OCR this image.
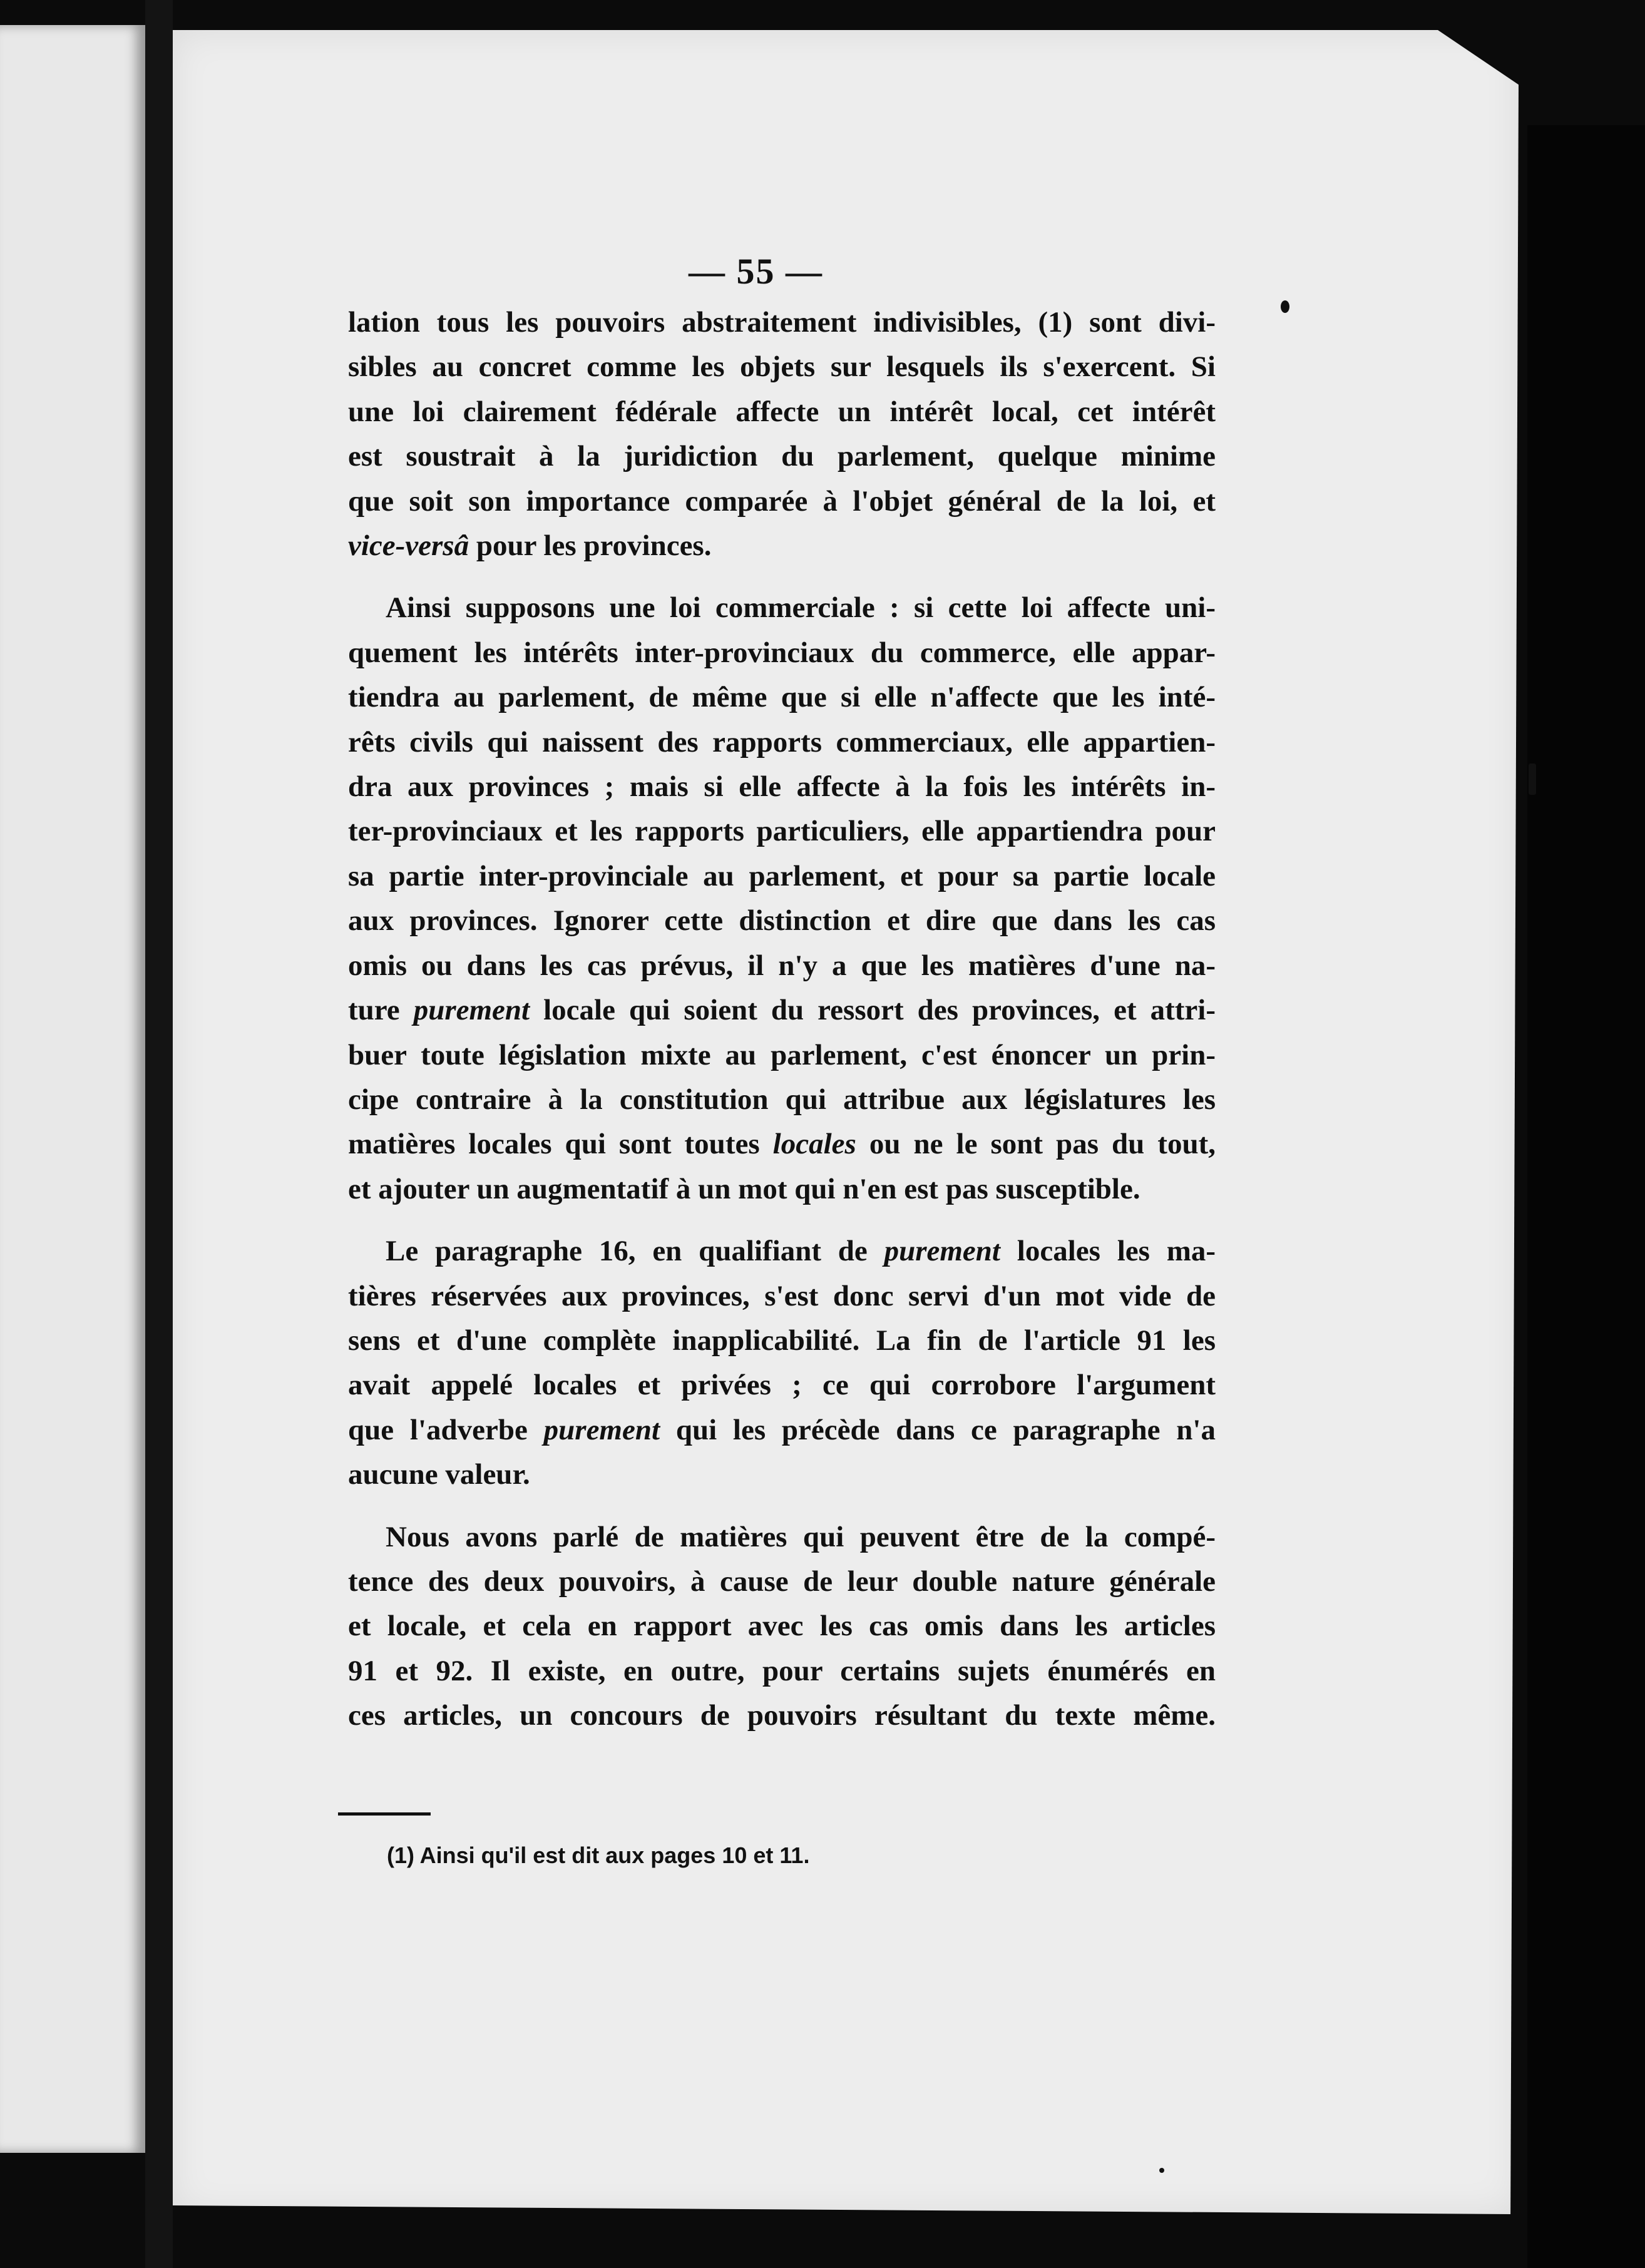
— 55 —
lation tous les pouvoirs abstraitement indivisibles, (1) sont divi-
sibles au concret comme les objets sur lesquels ils s'exercent. Si
une loi clairement fédérale affecte un intérêt local, cet intérêt
est soustrait à la juridiction du parlement, quelque minime
que soit son importance comparée à l'objet général de la loi, et
vice-versâ pour les provinces.
Ainsi supposons une loi commerciale : si cette loi affecte uni-
quement les intérêts inter-provinciaux du commerce, elle appar-
tiendra au parlement, de même que si elle n'affecte que les inté-
rêts civils qui naissent des rapports commerciaux, elle appartien-
dra aux provinces ; mais si elle affecte à la fois les intérêts in-
ter-provinciaux et les rapports particuliers, elle appartiendra pour
sa partie inter-provinciale au parlement, et pour sa partie locale
aux provinces. Ignorer cette distinction et dire que dans les cas
omis ou dans les cas prévus, il n'y a que les matières d'une na-
ture purement locale qui soient du ressort des provinces, et attri-
buer toute législation mixte au parlement, c'est énoncer un prin-
cipe contraire à la constitution qui attribue aux législatures les
matières locales qui sont toutes locales ou ne le sont pas du tout,
et ajouter un augmentatif à un mot qui n'en est pas susceptible.
Le paragraphe 16, en qualifiant de purement locales les ma-
tières réservées aux provinces, s'est donc servi d'un mot vide de
sens et d'une complète inapplicabilité. La fin de l'article 91 les
avait appelé locales et privées ; ce qui corrobore l'argument
que l'adverbe purement qui les précède dans ce paragraphe n'a
aucune valeur.
Nous avons parlé de matières qui peuvent être de la compé-
tence des deux pouvoirs, à cause de leur double nature générale
et locale, et cela en rapport avec les cas omis dans les articles
91 et 92. Il existe, en outre, pour certains sujets énumérés en
ces articles, un concours de pouvoirs résultant du texte même.
(1) Ainsi qu'il est dit aux pages 10 et 11.
